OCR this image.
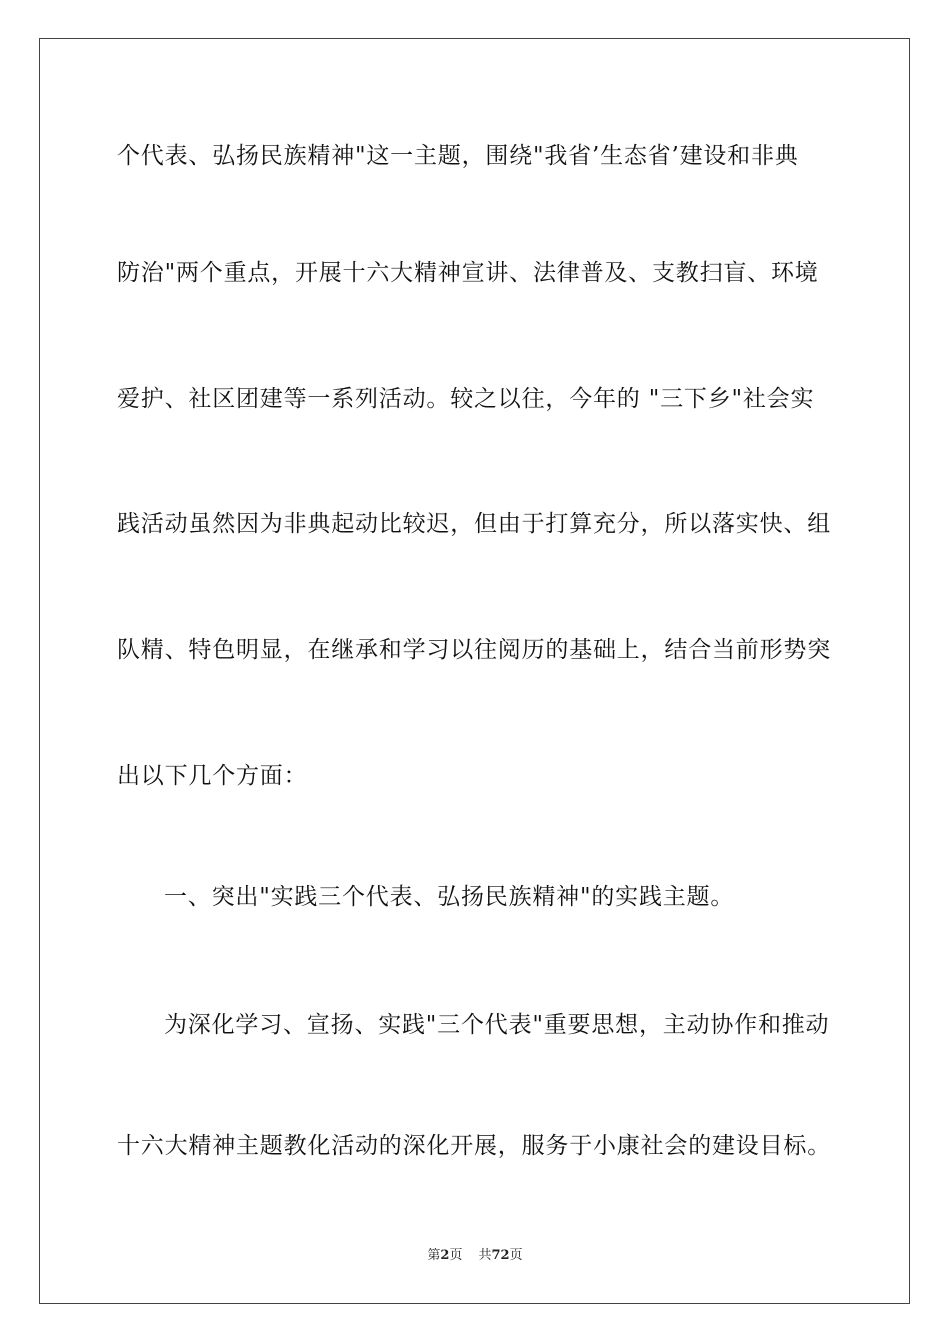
个代表、弘扬民族精神"这一主题，围绕"我省’生态省’建设和非典
防治"两个重点，开展十六大精神宣讲、法律普及、支教扫盲、环境
爱护、社区团建等一系列活动。较之以往，今年的 "三下乡"社会实
践活动虽然因为非典起动比较迟，但由于打算充分，所以落实快、组
队精、特色明显，在继承和学习以往阅历的基础上，结合当前形势突
出以下几个方面：
一、突出"实践三个代表、弘扬民族精神"的实践主题。
为深化学习、宣扬、实践"三个代表"重要思想，主动协作和推动
十六大精神主题教化活动的深化开展，服务于小康社会的建设目标。
第2页 共72页
